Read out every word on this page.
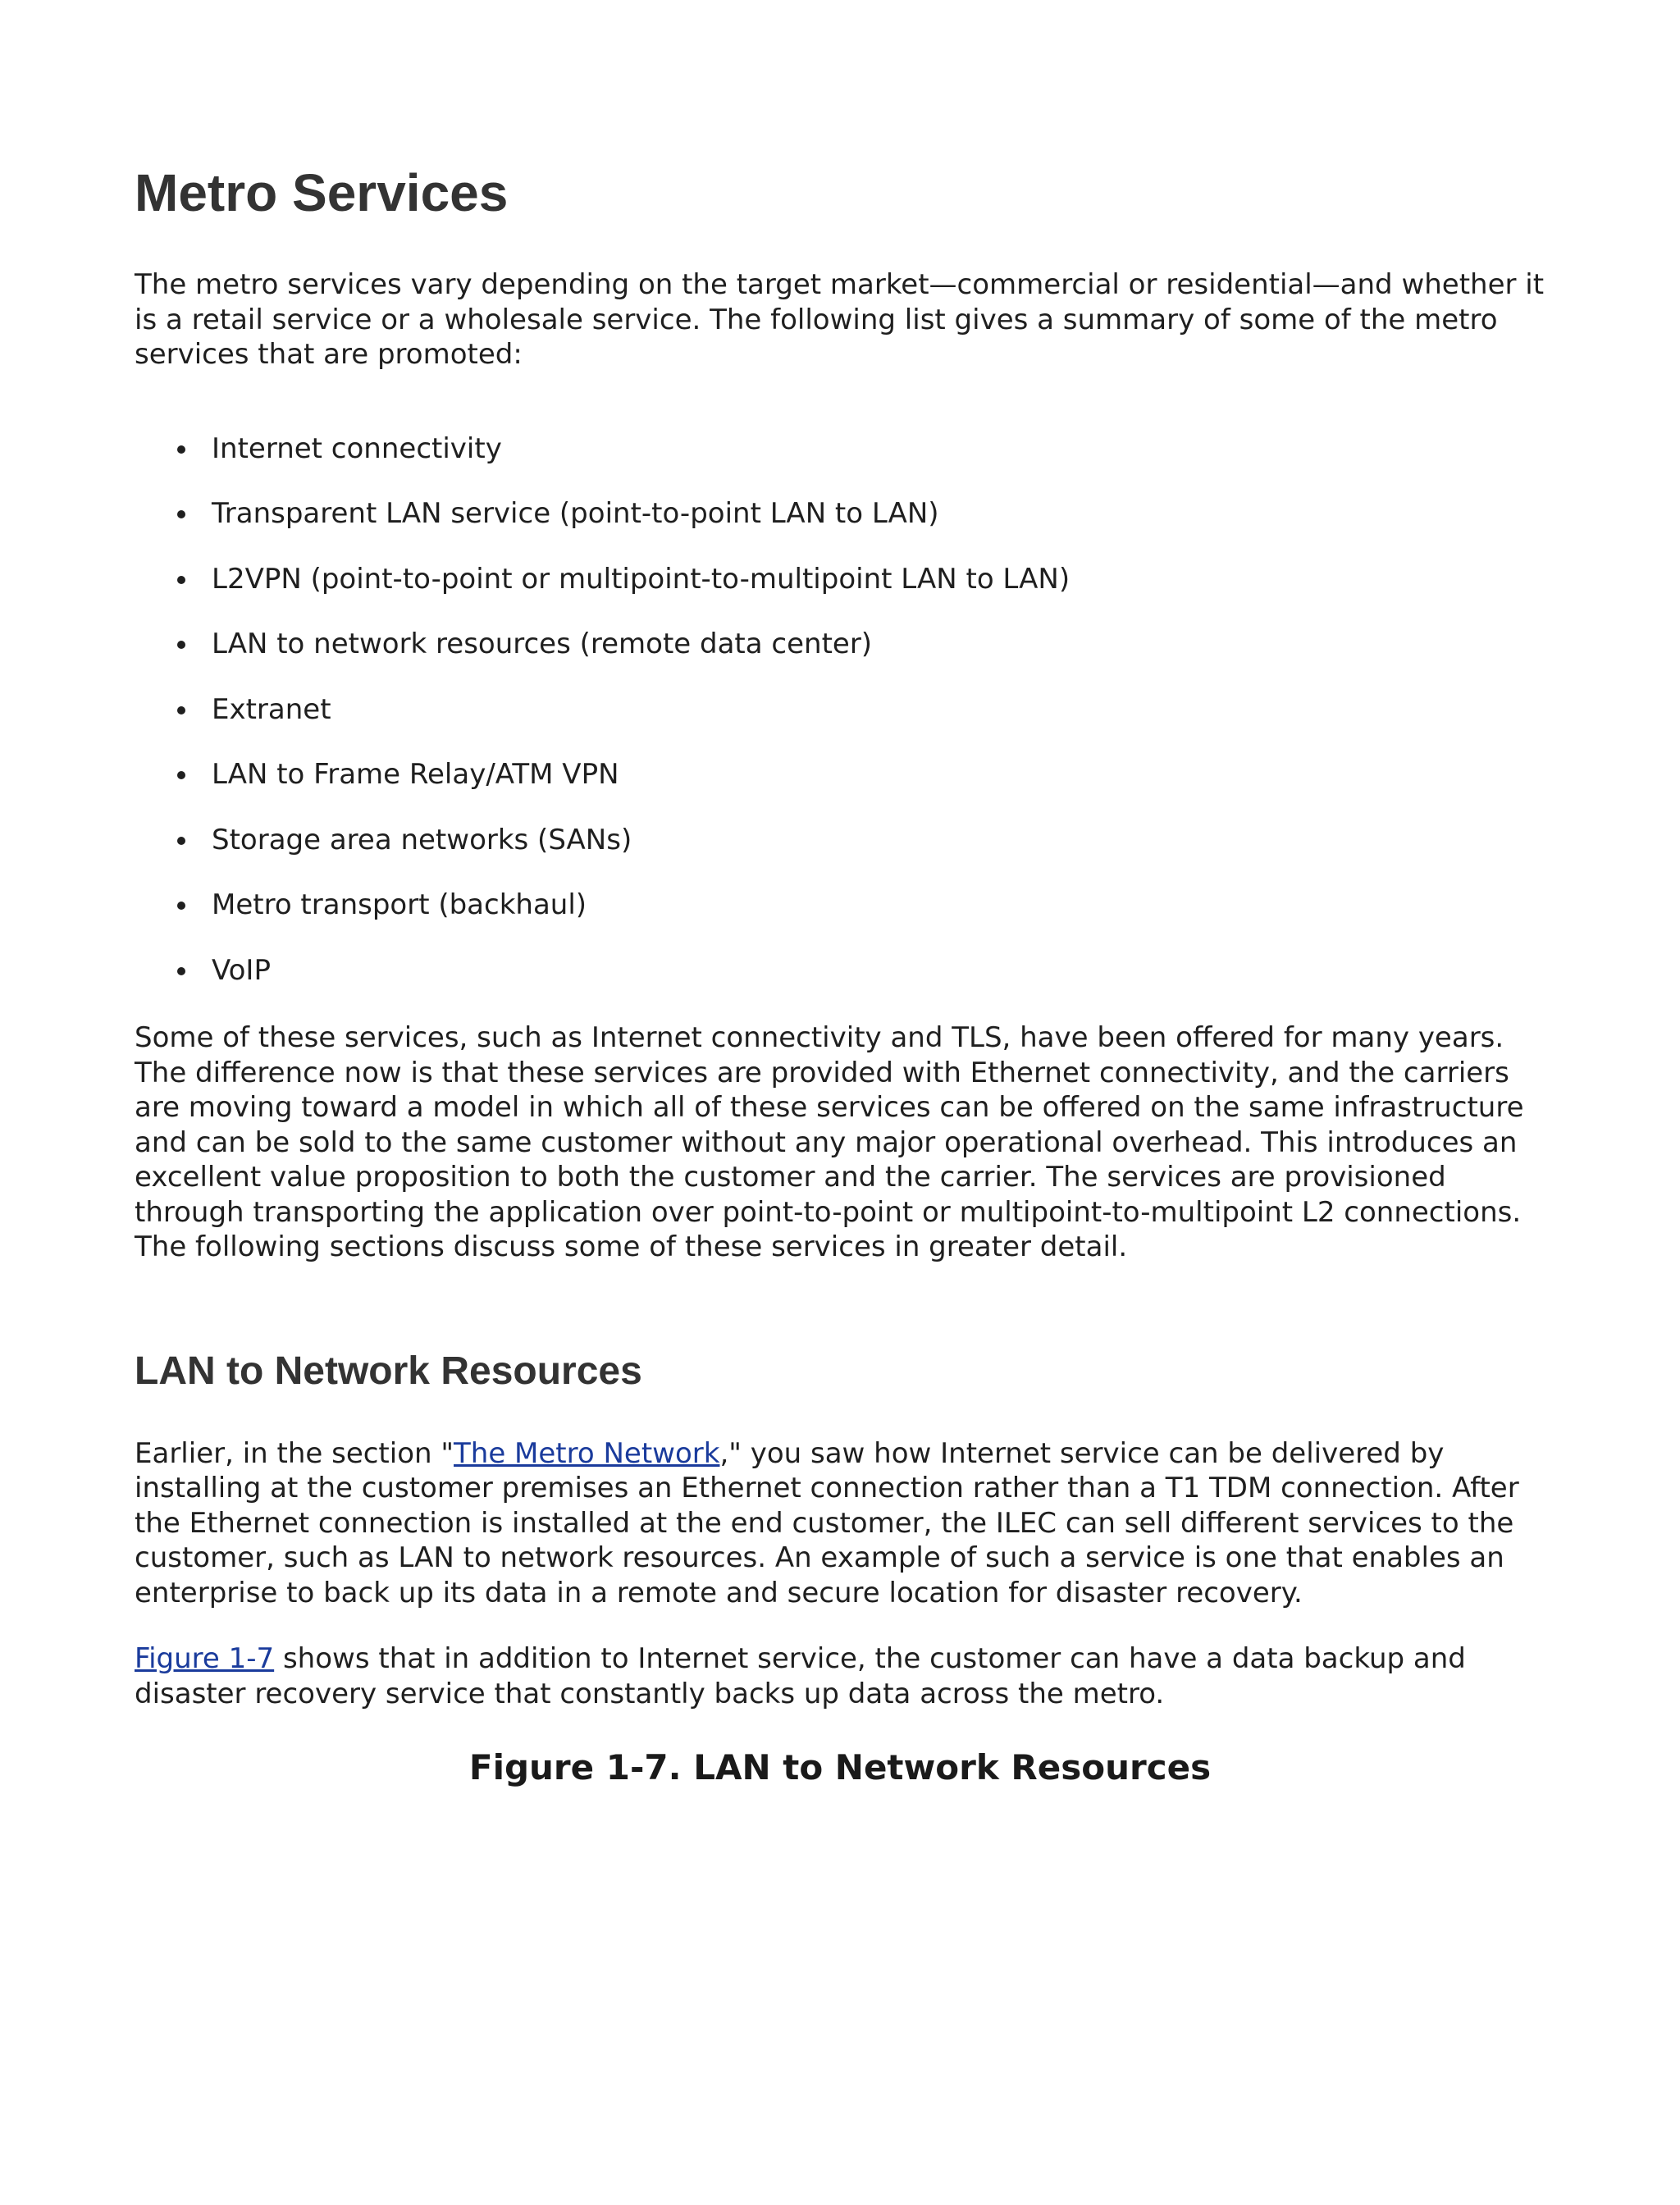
Metro Services

The metro services vary depending on the target market—commercial or residential—and whether it is a retail service or a wholesale service. The following list gives a summary of some of the metro services that are promoted:

Internet connectivity
Transparent LAN service (point-to-point LAN to LAN)
L2VPN (point-to-point or multipoint-to-multipoint LAN to LAN)
LAN to network resources (remote data center)
Extranet
LAN to Frame Relay/ATM VPN
Storage area networks (SANs)
Metro transport (backhaul)
VoIP

Some of these services, such as Internet connectivity and TLS, have been offered for many years. The difference now is that these services are provided with Ethernet connectivity, and the carriers are moving toward a model in which all of these services can be offered on the same infrastructure and can be sold to the same customer without any major operational overhead. This introduces an excellent value proposition to both the customer and the carrier. The services are provisioned through transporting the application over point-to-point or multipoint-to-multipoint L2 connections. The following sections discuss some of these services in greater detail.

LAN to Network Resources

Earlier, in the section "The Metro Network," you saw how Internet service can be delivered by installing at the customer premises an Ethernet connection rather than a T1 TDM connection. After the Ethernet connection is installed at the end customer, the ILEC can sell different services to the customer, such as LAN to network resources. An example of such a service is one that enables an enterprise to back up its data in a remote and secure location for disaster recovery.

Figure 1-7 shows that in addition to Internet service, the customer can have a data backup and disaster recovery service that constantly backs up data across the metro.

Figure 1-7. LAN to Network Resources
